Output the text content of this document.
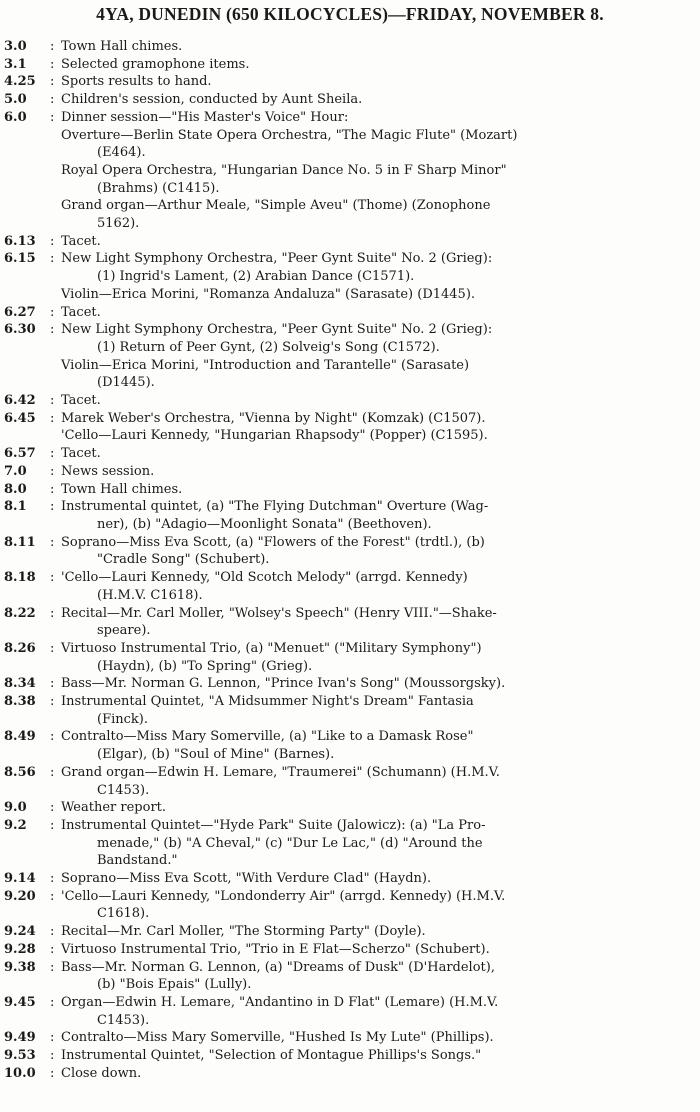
4YA, DUNEDIN (650 KILOCYCLES)—FRIDAY, NOVEMBER 8.
3.0	: Town Hall chimes.
3.1	: Selected gramophone items.
4.25	: Sports results to hand.
5.0	: Children's session, conducted by Aunt Sheila.
6.0	: Dinner session—"His Master's Voice" Hour:
Overture—Berlin State Opera Orchestra, "The Magic Flute" (Mozart)
(E464).
Royal Opera Orchestra, "Hungarian Dance No. 5 in F Sharp Minor"
(Brahms) (C1415).
Grand organ—Arthur Meale, "Simple Aveu" (Thome) (Zonophone
5162).
6.13	: Tacet.
6.15	: New Light Symphony Orchestra, "Peer Gynt Suite" No. 2 (Grieg):
(1) Ingrid's Lament, (2) Arabian Dance (C1571).
Violin—Erica Morini, "Romanza Andaluza" (Sarasate) (D1445).
6.27	: Tacet.
6.30	: New Light Symphony Orchestra, "Peer Gynt Suite" No. 2 (Grieg):
(1) Return of Peer Gynt, (2) Solveig's Song (C1572).
Violin—Erica Morini, "Introduction and Tarantelle" (Sarasate)
(D1445).
6.42	: Tacet.
6.45	: Marek Weber's Orchestra, "Vienna by Night" (Komzak) (C1507).
'Cello—Lauri Kennedy, "Hungarian Rhapsody" (Popper) (C1595).
6.57	: Tacet.
7.0	: News session.
8.0	: Town Hall chimes.
8.1	: Instrumental quintet, (a) "The Flying Dutchman" Overture (Wag-
ner), (b) "Adagio—Moonlight Sonata" (Beethoven).
8.11	: Soprano—Miss Eva Scott, (a) "Flowers of the Forest" (trdtl.), (b)
"Cradle Song" (Schubert).
8.18	: 'Cello—Lauri Kennedy, "Old Scotch Melody" (arrgd. Kennedy)
(H.M.V. C1618).
8.22	: Recital—Mr. Carl Moller, "Wolsey's Speech" (Henry VIII."—Shake-
speare).
8.26	: Virtuoso Instrumental Trio, (a) "Menuet" ("Military Symphony")
(Haydn), (b) "To Spring" (Grieg).
8.34	: Bass—Mr. Norman G. Lennon, "Prince Ivan's Song" (Moussorgsky).
8.38	: Instrumental Quintet, "A Midsummer Night's Dream" Fantasia
(Finck).
8.49	: Contralto—Miss Mary Somerville, (a) "Like to a Damask Rose"
(Elgar), (b) "Soul of Mine" (Barnes).
8.56	: Grand organ—Edwin H. Lemare, "Traumerei" (Schumann) (H.M.V.
C1453).
9.0	: Weather report.
9.2	: Instrumental Quintet—"Hyde Park" Suite (Jalowicz): (a) "La Pro-
menade," (b) "A Cheval," (c) "Dur Le Lac," (d) "Around the
Bandstand."
9.14	: Soprano—Miss Eva Scott, "With Verdure Clad" (Haydn).
9.20	: 'Cello—Lauri Kennedy, "Londonderry Air" (arrgd. Kennedy) (H.M.V.
C1618).
9.24	: Recital—Mr. Carl Moller, "The Storming Party" (Doyle).
9.28	: Virtuoso Instrumental Trio, "Trio in E Flat—Scherzo" (Schubert).
9.38	: Bass—Mr. Norman G. Lennon, (a) "Dreams of Dusk" (D'Hardelot),
(b) "Bois Epais" (Lully).
9.45	: Organ—Edwin H. Lemare, "Andantino in D Flat" (Lemare) (H.M.V.
C1453).
9.49	: Contralto—Miss Mary Somerville, "Hushed Is My Lute" (Phillips).
9.53	: Instrumental Quintet, "Selection of Montague Phillips's Songs."
10.0	: Close down.
